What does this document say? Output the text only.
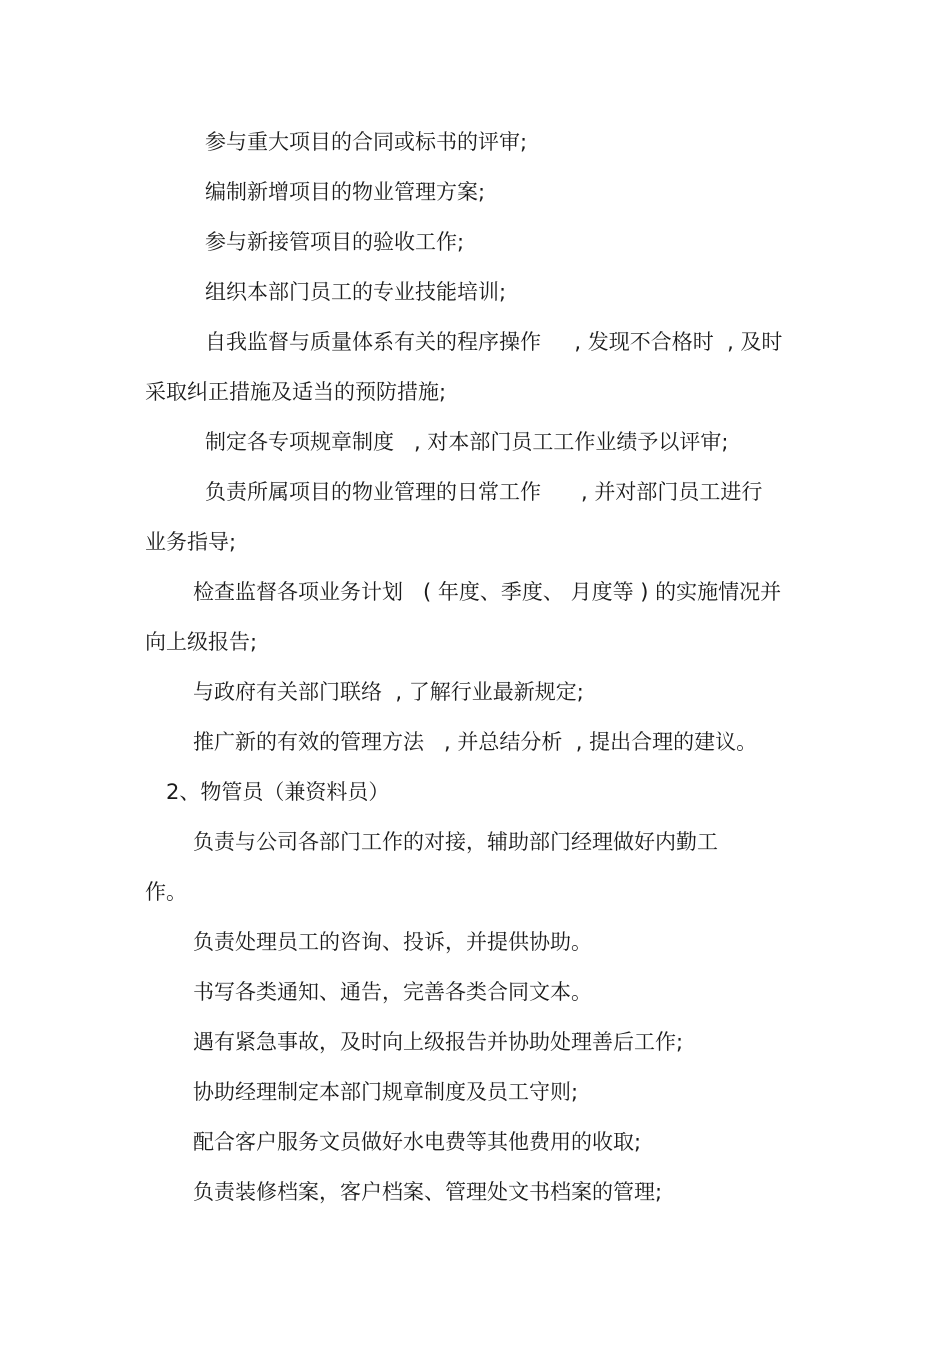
参与重大项目的合同或标书的评审;

编制新增项目的物业管理方案;

参与新接管项目的验收工作;

组织本部门员工的专业技能培训;

自我监督与质量体系有关的程序操作     , 发现不合格时  , 及时

采取纠正措施及适当的预防措施;

制定各专项规章制度   , 对本部门员工工作业绩予以评审;

负责所属项目的物业管理的日常工作      , 并对部门员工进行

业务指导;

检查监督各项业务计划   ( 年度、季度、 月度等 ) 的实施情况并

向上级报告;

与政府有关部门联络  , 了解行业最新规定;

推广新的有效的管理方法   , 并总结分析  , 提出合理的建议。

2、物管员（兼资料员）

负责与公司各部门工作的对接，辅助部门经理做好内勤工

作。

负责处理员工的咨询、投诉，并提供协助。

书写各类通知、通告，完善各类合同文本。

遇有紧急事故，及时向上级报告并协助处理善后工作;

协助经理制定本部门规章制度及员工守则;

配合客户服务文员做好水电费等其他费用的收取;

负责装修档案，客户档案、管理处文书档案的管理;
